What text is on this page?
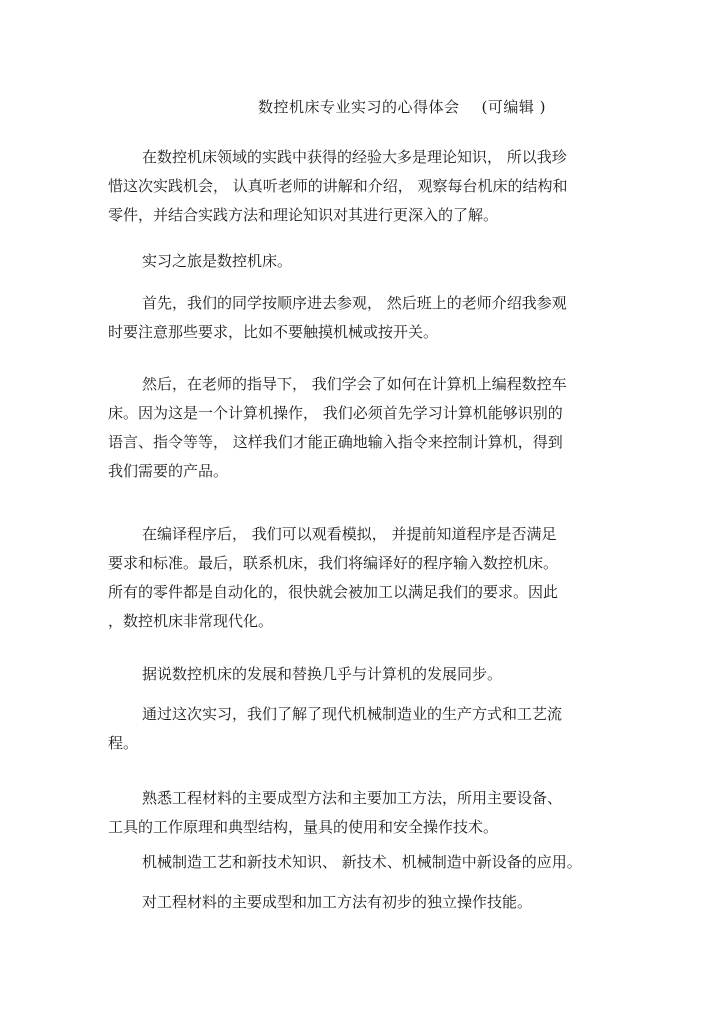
数控机床专业实习的心得体会 (可编辑 )

在数控机床领域的实践中获得的经验大多是理论知识， 所以我珍
惜这次实践机会， 认真听老师的讲解和介绍， 观察每台机床的结构和
零件，并结合实践方法和理论知识对其进行更深入的了解。

实习之旅是数控机床。

首先，我们的同学按顺序进去参观， 然后班上的老师介绍我参观
时要注意那些要求，比如不要触摸机械或按开关。

然后，在老师的指导下， 我们学会了如何在计算机上编程数控车
床。因为这是一个计算机操作， 我们必须首先学习计算机能够识别的
语言、指令等等， 这样我们才能正确地输入指令来控制计算机，得到
我们需要的产品。

在编译程序后， 我们可以观看模拟， 并提前知道程序是否满足
要求和标准。最后，联系机床，我们将编译好的程序输入数控机床。
所有的零件都是自动化的，很快就会被加工以满足我们的要求。因此
，数控机床非常现代化。

据说数控机床的发展和替换几乎与计算机的发展同步。

通过这次实习，我们了解了现代机械制造业的生产方式和工艺流
程。

熟悉工程材料的主要成型方法和主要加工方法，所用主要设备、
工具的工作原理和典型结构，量具的使用和安全操作技术。

机械制造工艺和新技术知识、 新技术、机械制造中新设备的应用。

对工程材料的主要成型和加工方法有初步的独立操作技能。
